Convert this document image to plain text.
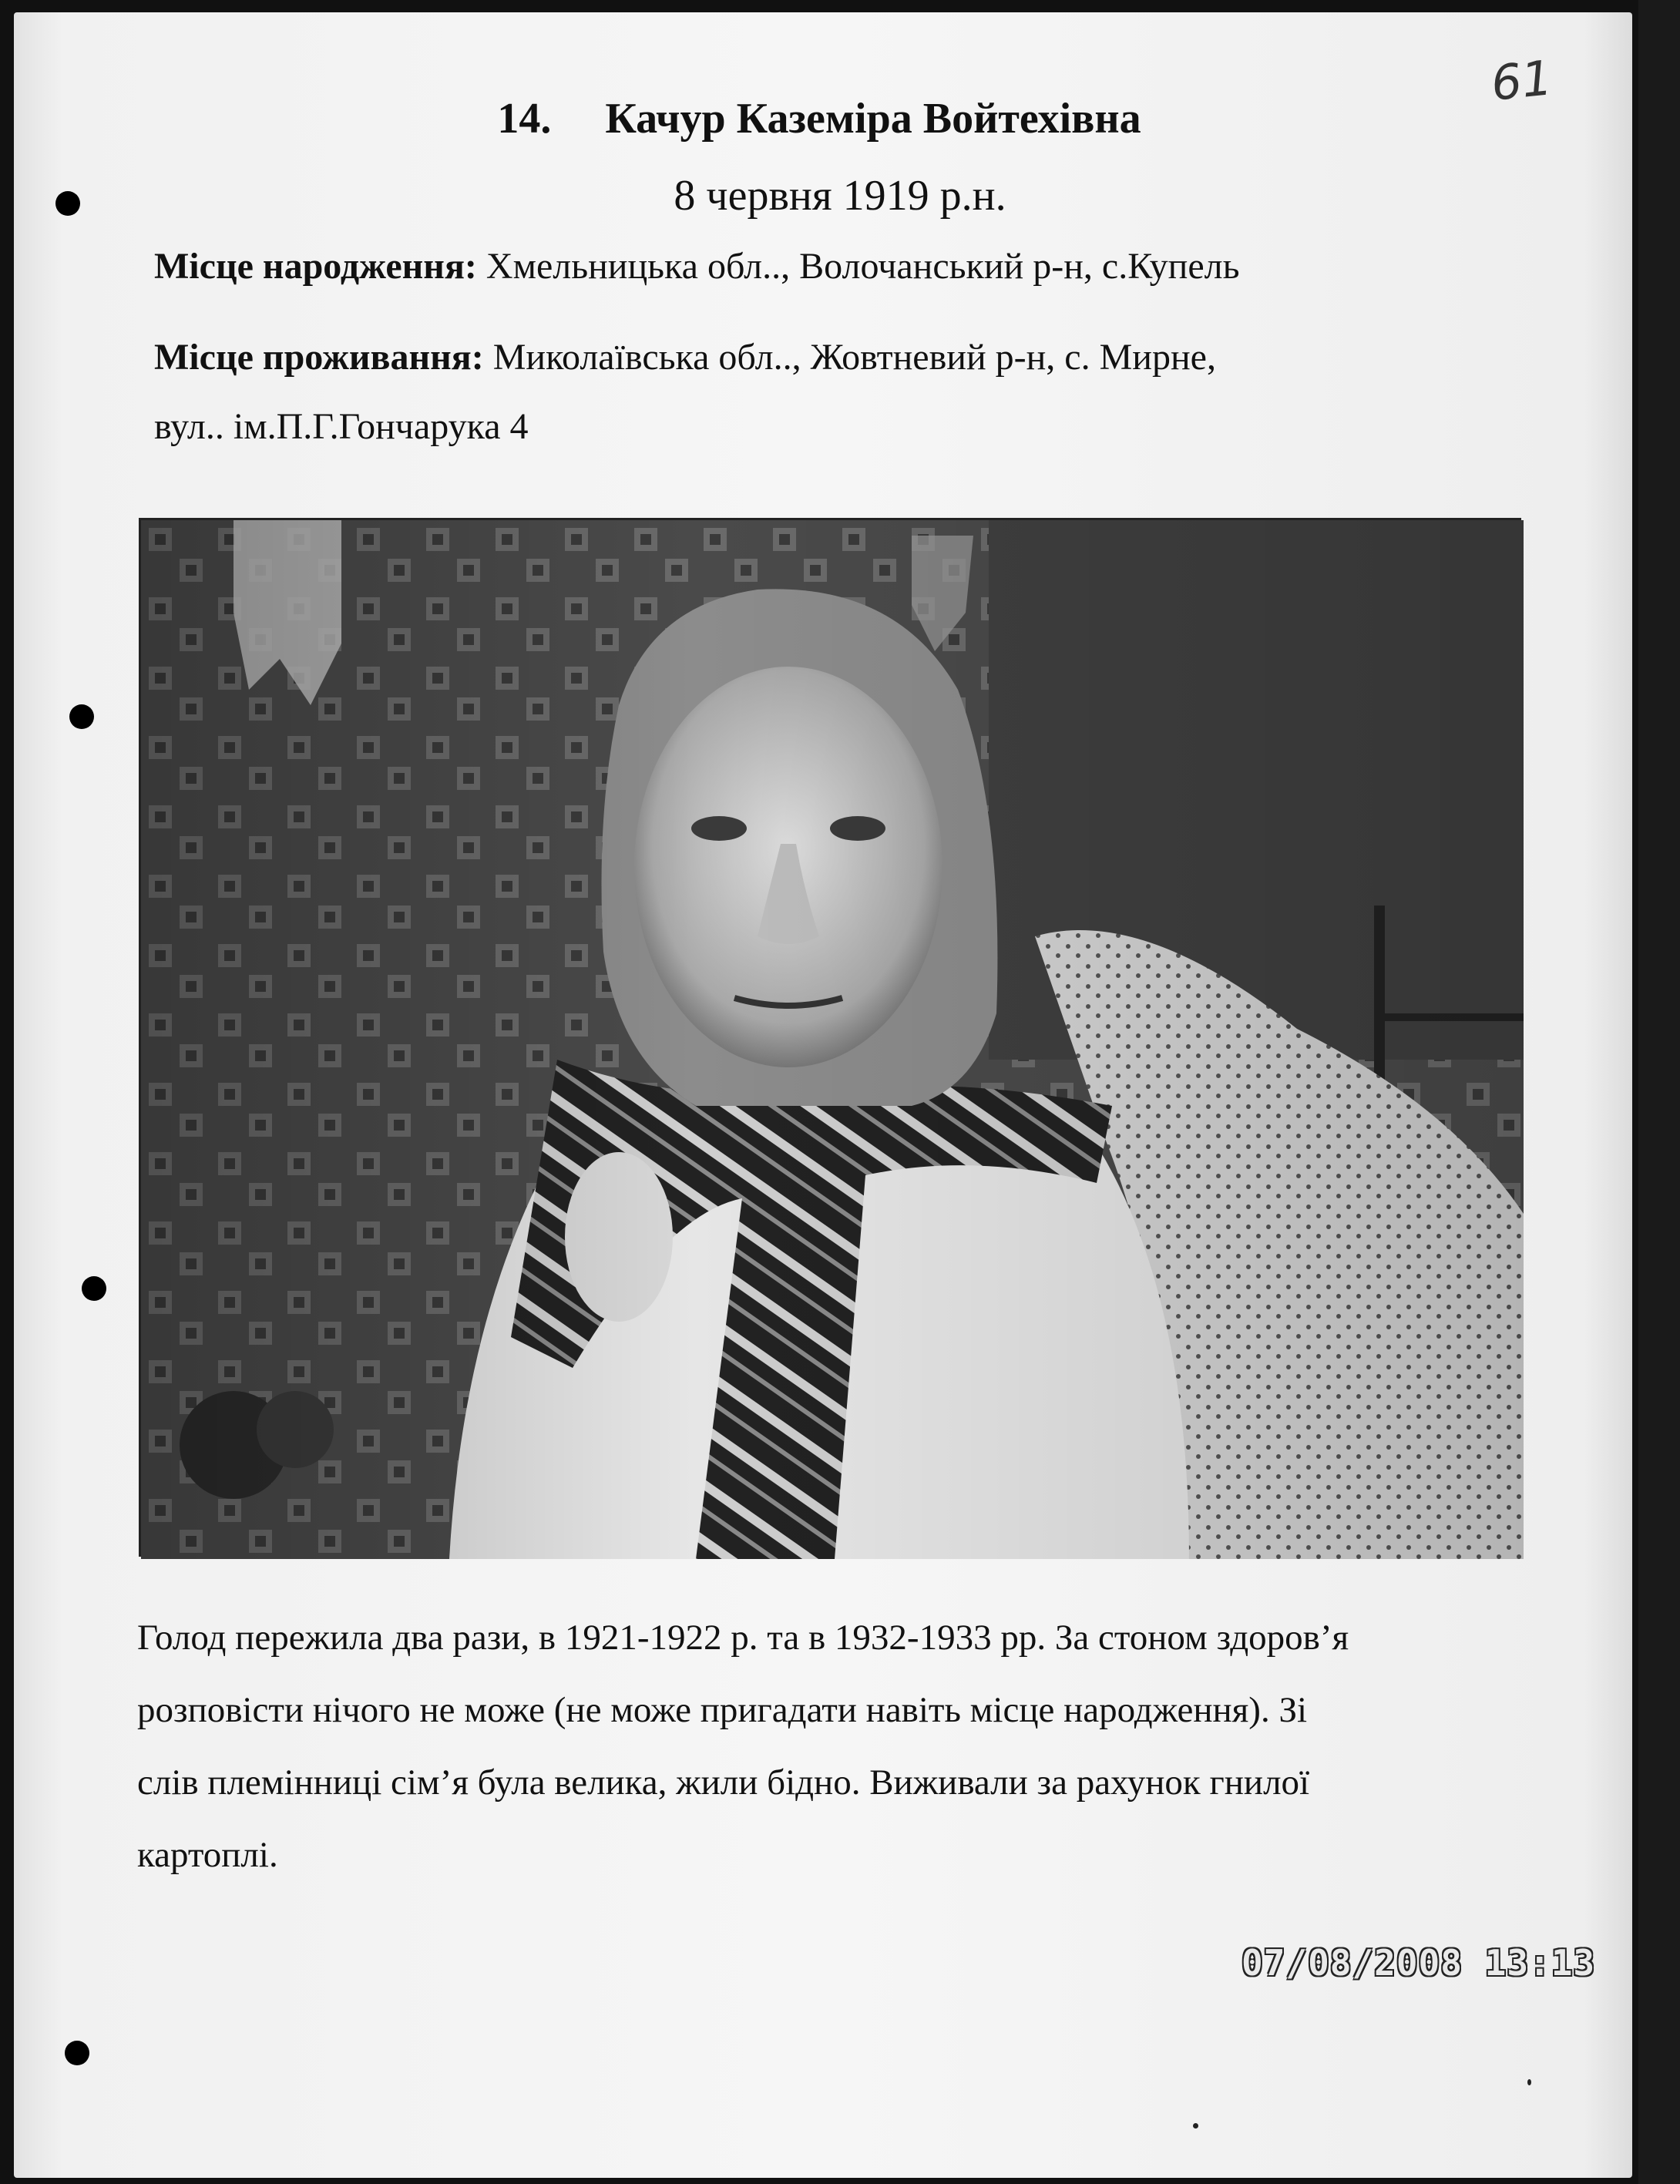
61
14. Качур Каземіра Войтехівна
8 червня 1919 р.н.
Місце народження: Хмельницька обл.., Волочанський р-н, с.Купель
Місце проживання: Миколаївська обл.., Жовтневий р-н, с. Мирне,
вул.. ім.П.Г.Гончарука 4
07/08/2008 13:13
Голод пережила два рази, в 1921-1922 р. та в 1932-1933 рр. За стоном здоров’я
розповісти нічого не може (не може пригадати навіть місце народження). Зі
слів племінниці сім’я була велика, жили бідно. Виживали за рахунок гнилої
картоплі.
